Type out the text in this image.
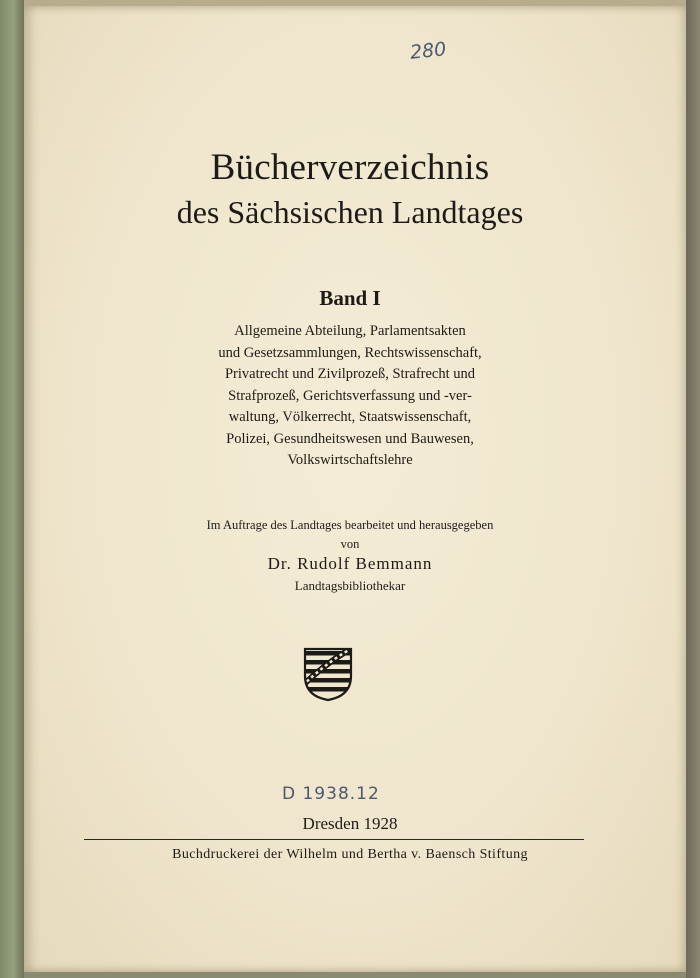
280
Bücherverzeichnis
des Sächsischen Landtages
Band I
Allgemeine Abteilung, Parlamentsakten
und Gesetzsammlungen, Rechtswissenschaft,
Privatrecht und Zivilprozeß, Strafrecht und
Strafprozeß, Gerichtsverfassung und -ver-
waltung, Völkerrecht, Staatswissenschaft,
Polizei, Gesundheitswesen und Bauwesen,
Volkswirtschaftslehre
Im Auftrage des Landtages bearbeitet und herausgegeben
von
Dr. Rudolf Bemmann
Landtagsbibliothekar
D 1938.12
Dresden 1928
Buchdruckerei der Wilhelm und Bertha v. Baensch Stiftung
